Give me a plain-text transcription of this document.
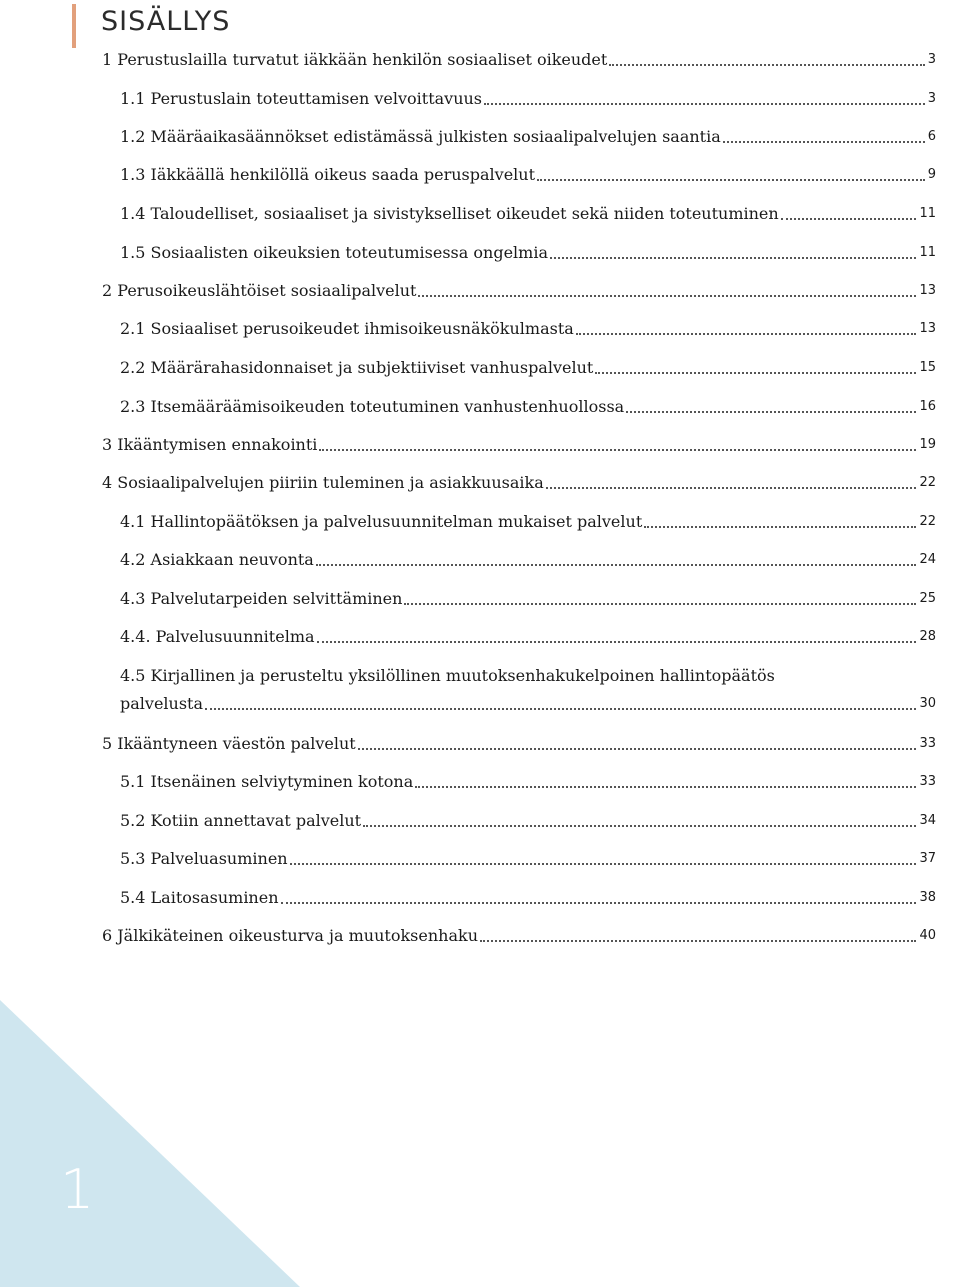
SISÄLLYS
1 Perustuslailla turvatut iäkkään henkilön sosiaaliset oikeudet	3
1.1 Perustuslain toteuttamisen velvoittavuus	3
1.2 Määräaikasäännökset edistämässä julkisten sosiaalipalvelujen saantia	6
1.3 Iäkkäällä henkilöllä oikeus saada peruspalvelut	9
1.4 Taloudelliset, sosiaaliset ja sivistykselliset oikeudet sekä niiden toteutuminen	11
1.5 Sosiaalisten oikeuksien toteutumisessa ongelmia	11
2 Perusoikeuslähtöiset sosiaalipalvelut	13
2.1 Sosiaaliset perusoikeudet ihmisoikeusnäkökulmasta	13
2.2 Määrärahasidonnaiset ja subjektiiviset vanhuspalvelut	15
2.3 Itsemääräämisoikeuden toteutuminen vanhustenhuollossa	16
3 Ikääntymisen ennakointi	19
4 Sosiaalipalvelujen piiriin tuleminen ja asiakkuusaika	22
4.1 Hallintopäätöksen ja palvelusuunnitelman mukaiset palvelut	22
4.2 Asiakkaan neuvonta	24
4.3 Palvelutarpeiden selvittäminen	25
4.4. Palvelusuunnitelma	28
4.5 Kirjallinen ja perusteltu yksilöllinen muutoksenhakukelpoinen hallintopäätös
palvelusta	30
5 Ikääntyneen väestön palvelut	33
5.1 Itsenäinen selviytyminen kotona	33
5.2 Kotiin annettavat palvelut	34
5.3 Palveluasuminen	37
5.4 Laitosasuminen	38
6 Jälkikäteinen oikeusturva ja muutoksenhaku	40
1
